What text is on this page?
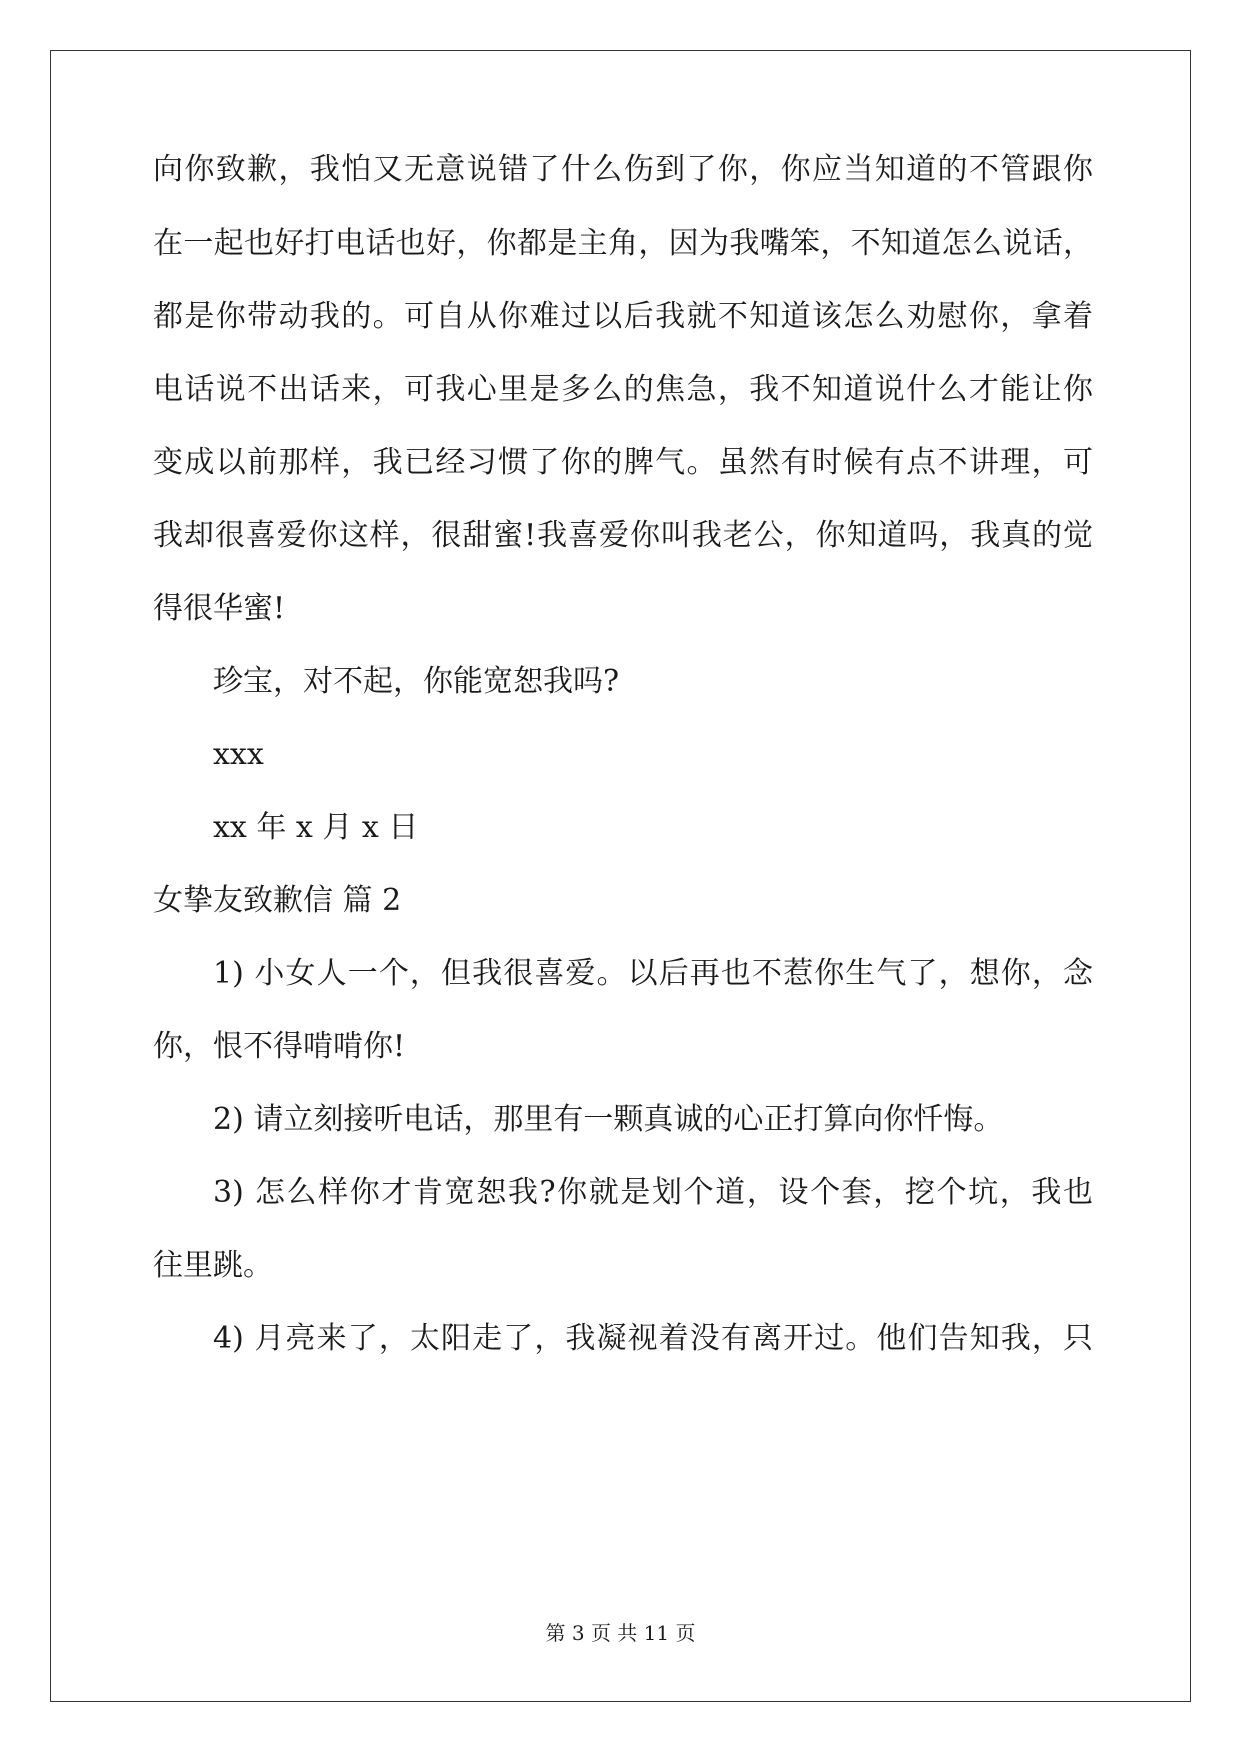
向你致歉，我怕又无意说错了什么伤到了你，你应当知道的不管跟你
在一起也好打电话也好，你都是主角，因为我嘴笨，不知道怎么说话，
都是你带动我的。可自从你难过以后我就不知道该怎么劝慰你，拿着
电话说不出话来，可我心里是多么的焦急，我不知道说什么才能让你
变成以前那样，我已经习惯了你的脾气。虽然有时候有点不讲理，可
我却很喜爱你这样，很甜蜜!我喜爱你叫我老公，你知道吗，我真的觉
得很华蜜!
珍宝，对不起，你能宽恕我吗?
xxx
xx 年 x 月 x 日
女挚友致歉信 篇 2
1) 小女人一个，但我很喜爱。以后再也不惹你生气了，想你，念
你，恨不得啃啃你!
2) 请立刻接听电话，那里有一颗真诚的心正打算向你忏悔。
3) 怎么样你才肯宽恕我?你就是划个道，设个套，挖个坑，我也
往里跳。
4) 月亮来了，太阳走了，我凝视着没有离开过。他们告知我，只
第 3 页 共 11 页
